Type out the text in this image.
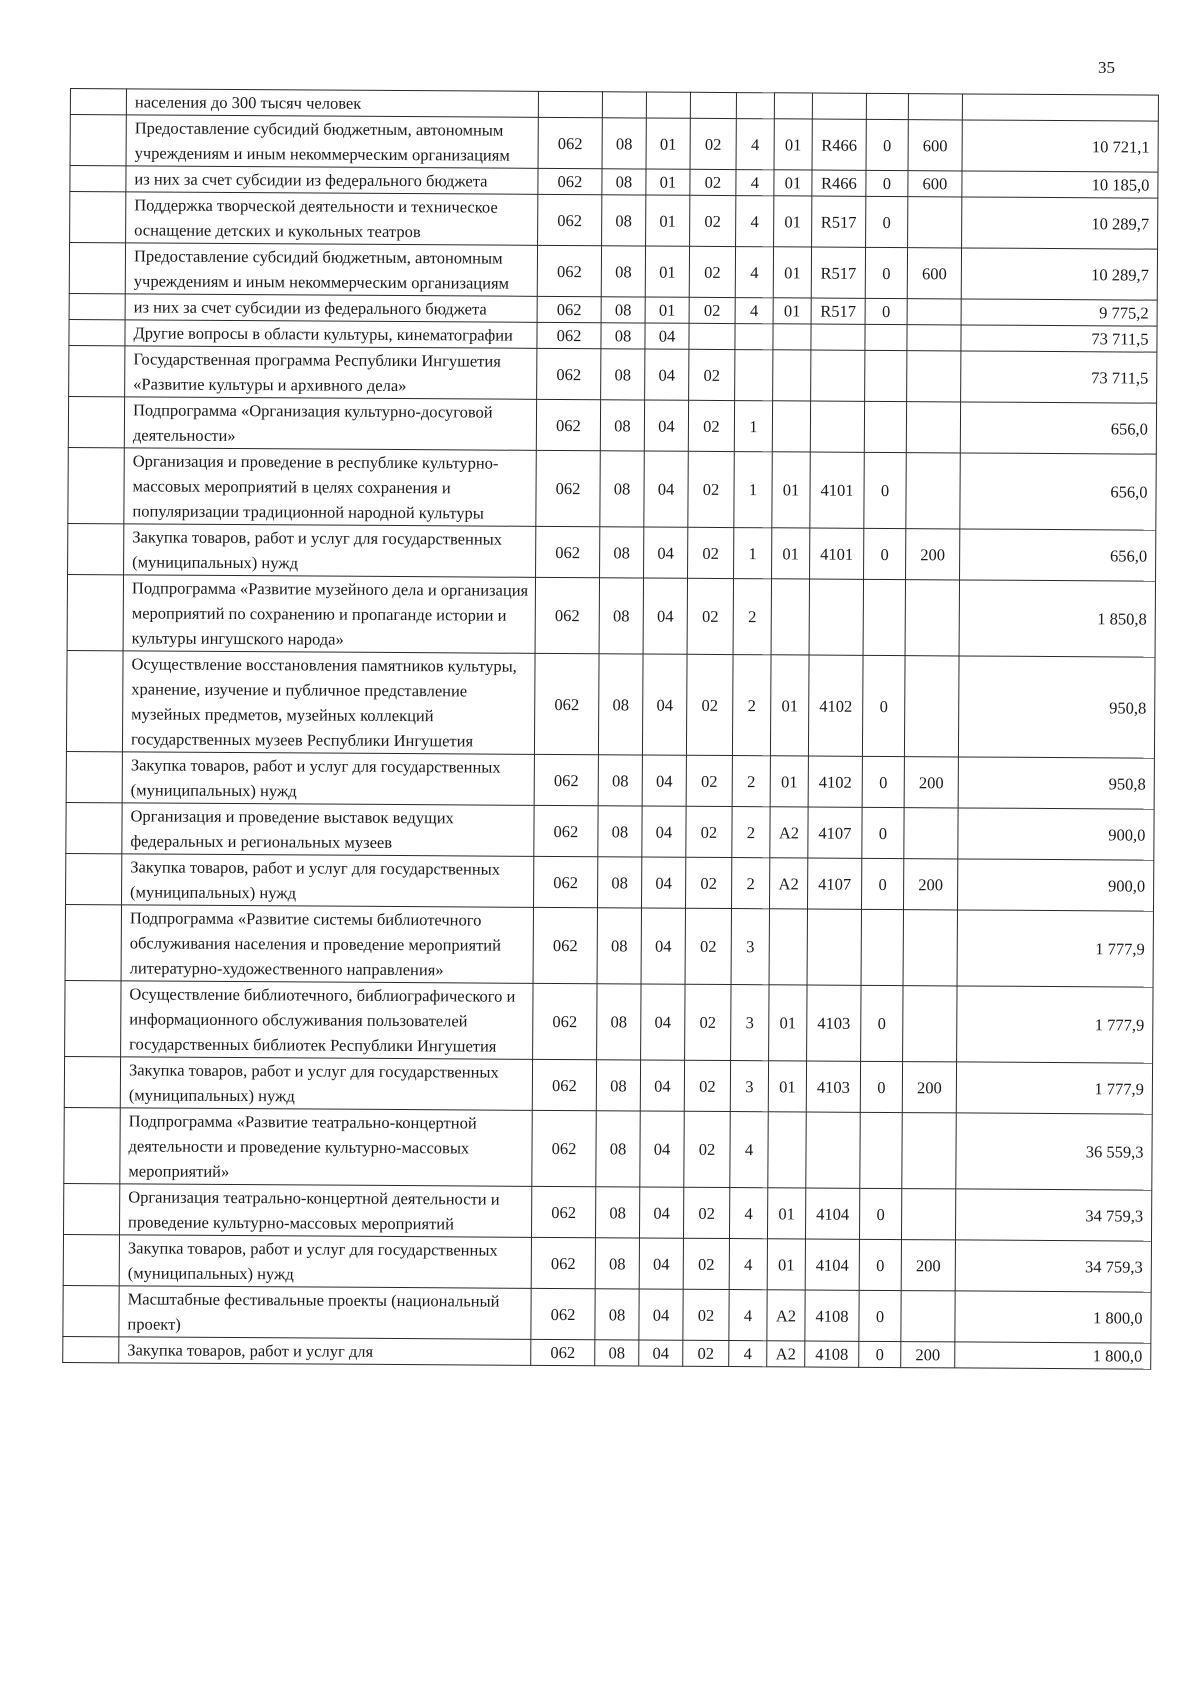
35
	населения до 300 тысяч человек										
	Предоставление субсидий бюджетным, автономным учреждениям и иным некоммерческим организациям	062	08	01	02	4	01	R466	0	600	10 721,1
	из них за счет субсидии из федерального бюджета	062	08	01	02	4	01	R466	0	600	10 185,0
	Поддержка творческой деятельности и техническое оснащение детских и кукольных театров	062	08	01	02	4	01	R517	0		10 289,7
	Предоставление субсидий бюджетным, автономным учреждениям и иным некоммерческим организациям	062	08	01	02	4	01	R517	0	600	10 289,7
	из них за счет субсидии из федерального бюджета	062	08	01	02	4	01	R517	0		9 775,2
	Другие вопросы в области культуры, кинематографии	062	08	04							73 711,5
	Государственная программа Республики Ингушетия «Развитие культуры и архивного дела»	062	08	04	02						73 711,5
	Подпрограмма «Организация культурно-досуговой деятельности»	062	08	04	02	1					656,0
	Организация и проведение в республике культурно-массовых мероприятий в целях сохранения и популяризации традиционной народной культуры	062	08	04	02	1	01	4101	0		656,0
	Закупка товаров, работ и услуг для государственных (муниципальных) нужд	062	08	04	02	1	01	4101	0	200	656,0
	Подпрограмма «Развитие музейного дела и организация мероприятий по сохранению и пропаганде истории и культуры ингушского народа»	062	08	04	02	2					1 850,8
	Осуществление восстановления памятников культуры, хранение, изучение и публичное представление музейных предметов, музейных коллекций государственных музеев Республики Ингушетия	062	08	04	02	2	01	4102	0		950,8
	Закупка товаров, работ и услуг для государственных (муниципальных) нужд	062	08	04	02	2	01	4102	0	200	950,8
	Организация и проведение выставок ведущих федеральных и региональных музеев	062	08	04	02	2	А2	4107	0		900,0
	Закупка товаров, работ и услуг для государственных (муниципальных) нужд	062	08	04	02	2	А2	4107	0	200	900,0
	Подпрограмма «Развитие системы библиотечного обслуживания населения и проведение мероприятий литературно-художественного направления»	062	08	04	02	3					1 777,9
	Осуществление библиотечного, библиографического и информационного обслуживания пользователей государственных библиотек Республики Ингушетия	062	08	04	02	3	01	4103	0		1 777,9
	Закупка товаров, работ и услуг для государственных (муниципальных) нужд	062	08	04	02	3	01	4103	0	200	1 777,9
	Подпрограмма «Развитие театрально-концертной деятельности и проведение культурно-массовых мероприятий»	062	08	04	02	4					36 559,3
	Организация театрально-концертной деятельности и проведение культурно-массовых мероприятий	062	08	04	02	4	01	4104	0		34 759,3
	Закупка товаров, работ и услуг для государственных (муниципальных) нужд	062	08	04	02	4	01	4104	0	200	34 759,3
	Масштабные фестивальные проекты (национальный проект)	062	08	04	02	4	А2	4108	0		1 800,0
	Закупка товаров, работ и услуг для	062	08	04	02	4	А2	4108	0	200	1 800,0
